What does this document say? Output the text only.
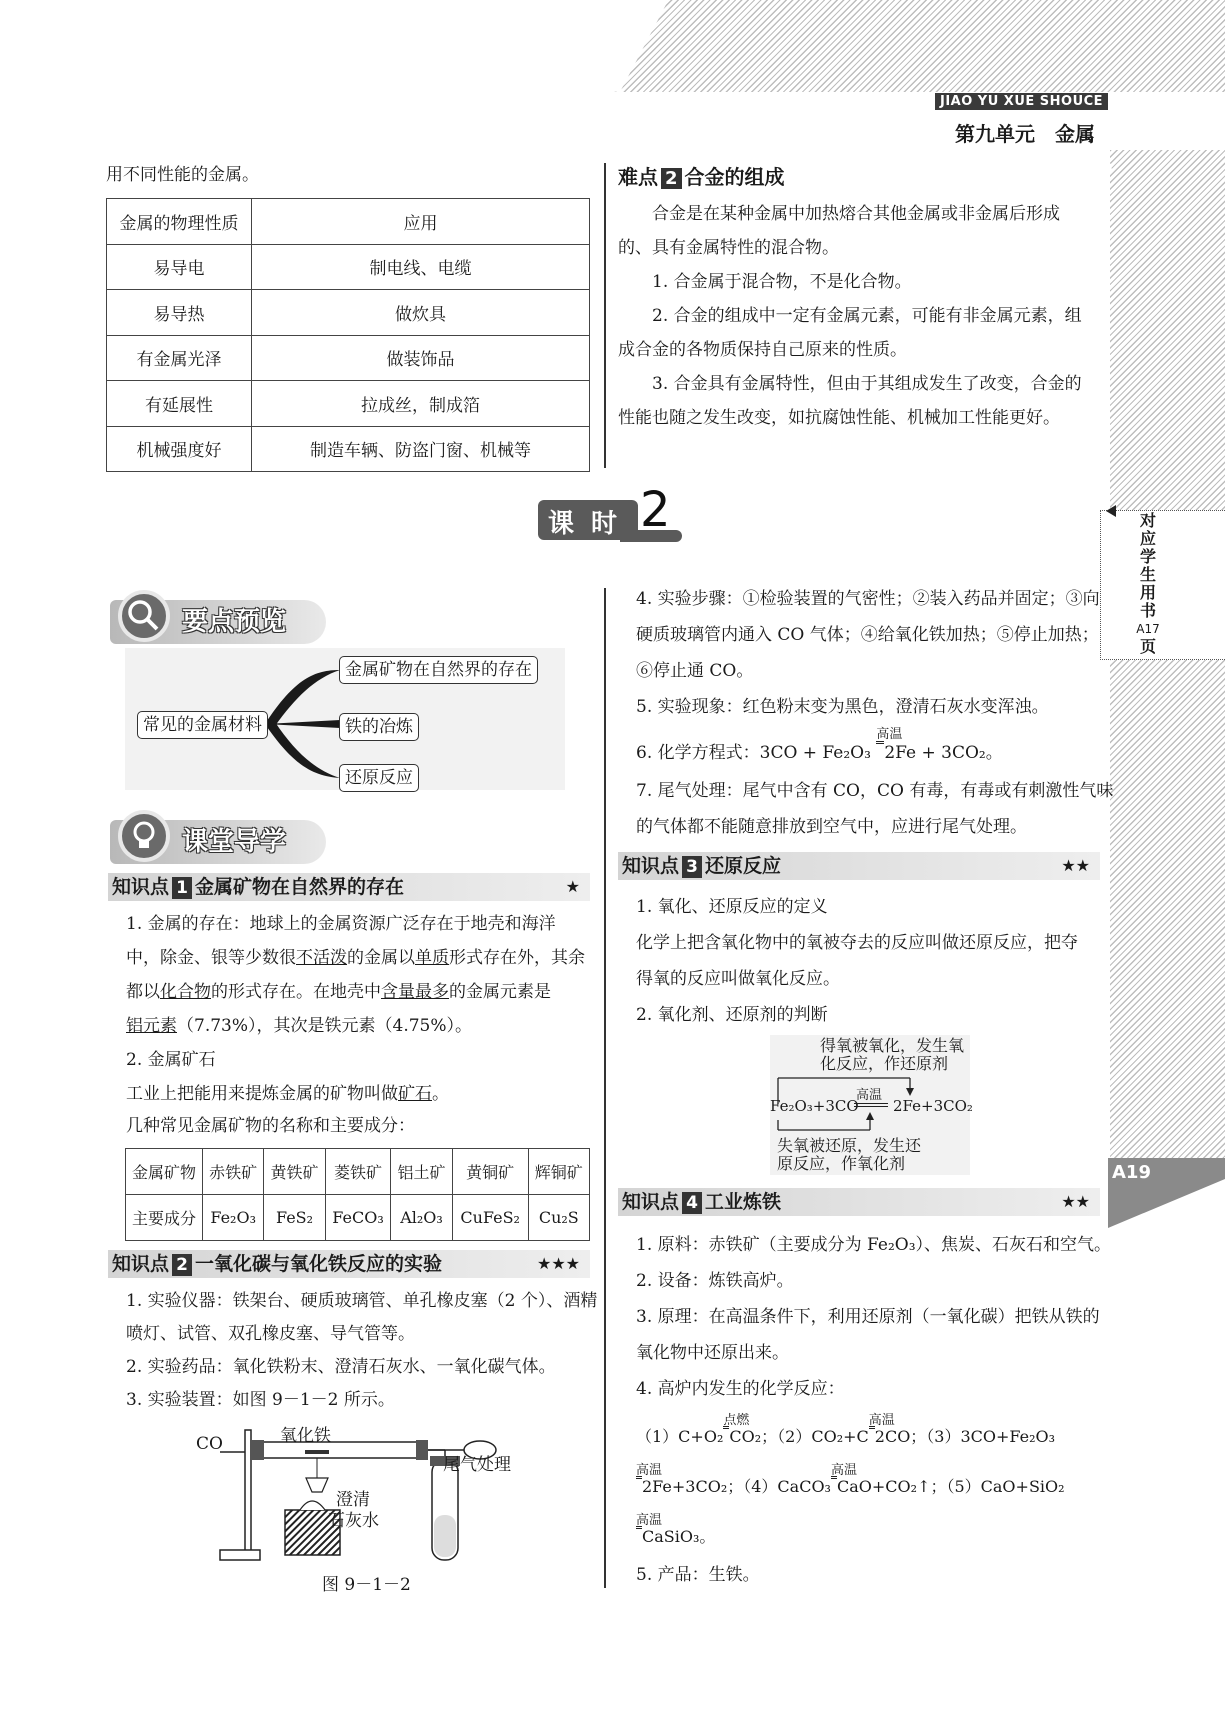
JIAO YU XUE SHOUCE
第九单元　金属
用不同性能的金属。
金属的物理性质	应用
易导电	制电线、电缆
易导热	做炊具
有金属光泽	做装饰品
有延展性	拉成丝，制成箔
机械强度好	制造车辆、防盗门窗、机械等
难点 2 合金的组成
合金是在某种金属中加热熔合其他金属或非金属后形成
的、具有金属特性的混合物。
1. 合金属于混合物，不是化合物。
2. 合金的组成中一定有金属元素，可能有非金属元素，组
成合金的各物质保持自己原来的性质。
3. 合金具有金属特性，但由于其组成发生了改变，合金的
性能也随之发生改变，如抗腐蚀性能、机械加工性能更好。
对
应
学
生
用
书
A17
页
A19
课 时 2
要点预览
常见的金属材料
金属矿物在自然界的存在
铁的冶炼
还原反应
课堂导学
知识点 1 金属矿物在自然界的存在	★
1. 金属的存在：地球上的金属资源广泛存在于地壳和海洋
中，除金、银等少数很不活泼的金属以单质形式存在外，其余
都以化合物的形式存在。在地壳中含量最多的金属元素是
铝元素（7.73%），其次是铁元素（4.75%）。
2. 金属矿石
工业上把能用来提炼金属的矿物叫做矿石。
几种常见金属矿物的名称和主要成分：
金属矿物	赤铁矿	黄铁矿	菱铁矿	铝土矿	黄铜矿	辉铜矿
主要成分	Fe₂O₃	FeS₂	FeCO₃	Al₂O₃	CuFeS₂	Cu₂S
知识点 2 一氧化碳与氧化铁反应的实验	★★★
1. 实验仪器：铁架台、硬质玻璃管、单孔橡皮塞（2 个）、酒精
喷灯、试管、双孔橡皮塞、导气管等。
2. 实验药品：氧化铁粉末、澄清石灰水、一氧化碳气体。
3. 实验装置：如图 9－1－2 所示。
CO	氧化铁
尾气处理
澄清
石灰水
图 9－1－2
4. 实验步骤：①检验装置的气密性；②装入药品并固定；③向
硬质玻璃管内通入 CO 气体；④给氧化铁加热；⑤停止加热；
⑥停止通 CO。
5. 实验现象：红色粉末变为黑色，澄清石灰水变浑浊。
6. 化学方程式：3CO + Fe₂O₃
高温
2Fe + 3CO₂。
7. 尾气处理：尾气中含有 CO，CO 有毒，有毒或有刺激性气味
的气体都不能随意排放到空气中，应进行尾气处理。
知识点 3 还原反应	★★
1. 氧化、还原反应的定义
化学上把含氧化物中的氧被夺去的反应叫做还原反应，把夺
得氧的反应叫做氧化反应。
2. 氧化剂、还原剂的判断
得氧被氧化，发生氧
化反应，作还原剂
Fe₂O₃+3CO
高温
2Fe+3CO₂
失氧被还原，发生还
原反应，作氧化剂
知识点 4 工业炼铁	★★
1. 原料：赤铁矿（主要成分为 Fe₂O₃）、焦炭、石灰石和空气。
2. 设备：炼铁高炉。
3. 原理：在高温条件下，利用还原剂（一氧化碳）把铁从铁的
氧化物中还原出来。
4. 高炉内发生的化学反应：
（1）C+O₂
点燃
CO₂；（2）CO₂+C
高温
2CO；（3）3CO+Fe₂O₃
高温
2Fe+3CO₂；（4）CaCO₃
高温
CaO+CO₂↑；（5）CaO+SiO₂
高温
CaSiO₃。
5. 产品：生铁。
